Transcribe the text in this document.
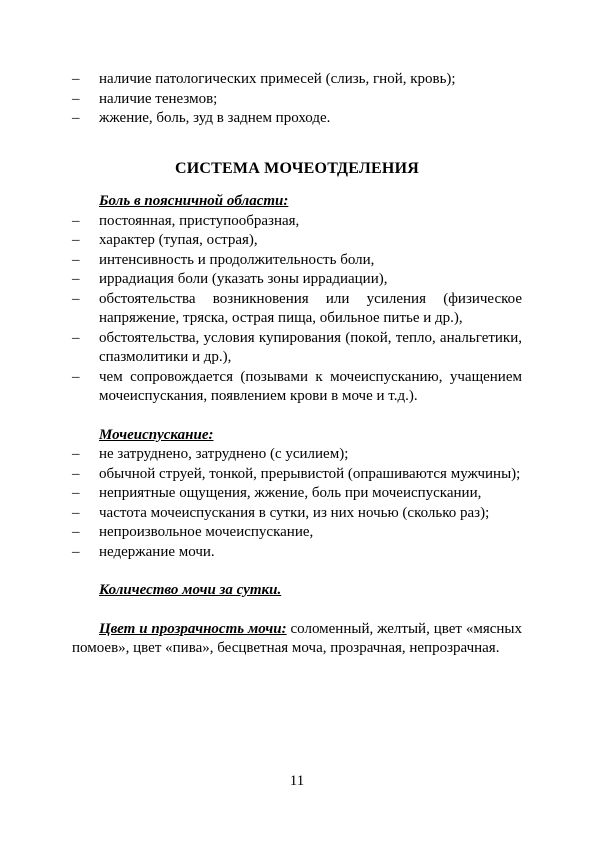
– наличие патологических примесей (слизь, гной, кровь);
– наличие тенезмов;
– жжение, боль, зуд в заднем проходе.
СИСТЕМА МОЧЕОТДЕЛЕНИЯ
Боль в поясничной области:
– постоянная, приступообразная,
– характер (тупая, острая),
– интенсивность и продолжительность боли,
– иррадиация боли (указать зоны иррадиации),
– обстоятельства возникновения или усиления (физическое напряжение, тряска, острая пища, обильное питье и др.),
– обстоятельства, условия купирования (покой, тепло, анальгетики, спазмолитики и др.),
– чем сопровождается (позывами к мочеиспусканию, учащением мочеиспускания, появлением крови в моче и т.д.).
Мочеиспускание:
– не затруднено, затруднено (с усилием);
– обычной струей, тонкой, прерывистой (опрашиваются мужчины);
– неприятные ощущения, жжение, боль при мочеиспускании,
– частота мочеиспускания в сутки, из них ночью (сколько раз);
– непроизвольное мочеиспускание,
– недержание мочи.
Количество мочи за сутки.
Цвет и прозрачность мочи: соломенный, желтый, цвет «мясных помоев», цвет «пива», бесцветная моча, прозрачная, непрозрачная.
11
